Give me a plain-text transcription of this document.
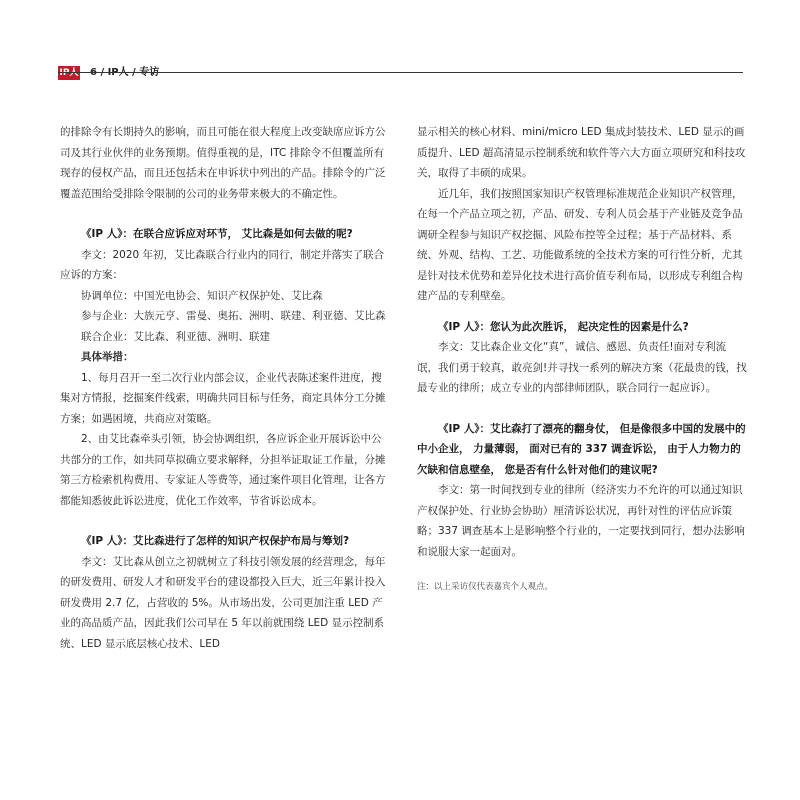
IP人 6 / IP人 / 专访

的排除令有长期持久的影响，而且可能在很大程度上改变缺席应诉方公司及其行业伙伴的业务预期。值得重视的是，ITC 排除令不但覆盖所有现存的侵权产品，而且还包括未在申诉状中列出的产品。排除令的广泛覆盖范围给受排除令限制的公司的业务带来极大的不确定性。

《IP 人》：在联合应诉应对环节， 艾比森是如何去做的呢?

李文：2020 年初，艾比森联合行业内的同行，制定并落实了联合应诉的方案：

协调单位：中国光电协会、知识产权保护处、艾比森

参与企业：大族元亨、雷曼、奥拓、洲明、联建、利亚德、艾比森

联合企业：艾比森、利亚德、洲明、联建

具体举措：

1、每月召开一至二次行业内部会议，企业代表陈述案件进度，搜集对方情报，挖掘案件线索，明确共同目标与任务，商定具体分工分摊方案；如遇困境，共商应对策略。

2、由艾比森牵头引领，协会协调组织，各应诉企业开展诉讼中公共部分的工作，如共同草拟确立要求解释，分担举证取证工作量，分摊第三方检索机构费用、专家证人等费等，通过案件项目化管理，让各方都能知悉彼此诉讼进度，优化工作效率，节省诉讼成本。

《IP 人》：艾比森进行了怎样的知识产权保护布局与筹划?

李文：艾比森从创立之初就树立了科技引领发展的经营理念，每年的研发费用、研发人才和研发平台的建设都投入巨大，近三年累计投入研发费用 2.7 亿，占营收的 5%。从市场出发，公司更加注重 LED 产业的高品质产品，因此我们公司早在 5 年以前就围绕 LED 显示控制系统、LED 显示底层核心技术、LED

显示相关的核心材料、mini/micro LED 集成封装技术、LED 显示的画质提升、LED 超高清显示控制系统和软件等六大方面立项研究和科技攻关，取得了丰硕的成果。

近几年，我们按照国家知识产权管理标准规范企业知识产权管理，在每一个产品立项之初，产品、研发、专利人员会基于产业链及竞争品调研全程参与知识产权挖掘、风险布控等全过程；基于产品材料、系统、外观、结构、工艺、功能做系统的全技术方案的可行性分析，尤其是针对技术优势和差异化技术进行高价值专利布局，以形成专利组合构建产品的专利壁垒。

《IP 人》：您认为此次胜诉， 起决定性的因素是什么?

李文：艾比森企业文化“真”，诚信、感恩、负责任!面对专利流氓，我们勇于较真，敢亮剑!并寻找一系列的解决方案（花最贵的钱，找最专业的律所；成立专业的内部律师团队，联合同行一起应诉）。

《IP 人》：艾比森打了漂亮的翻身仗， 但是像很多中国的发展中的中小企业， 力量薄弱， 面对已有的 337 调查诉讼， 由于人力物力的欠缺和信息壁垒， 您是否有什么针对他们的建议呢?

李文：第一时间找到专业的律所（经济实力不允许的可以通过知识产权保护处、行业协会协助）厘清诉讼状况，再针对性的评估应诉策略；337 调查基本上是影响整个行业的，一定要找到同行，想办法影响和说服大家一起面对。

注：以上采访仅代表嘉宾个人观点。
